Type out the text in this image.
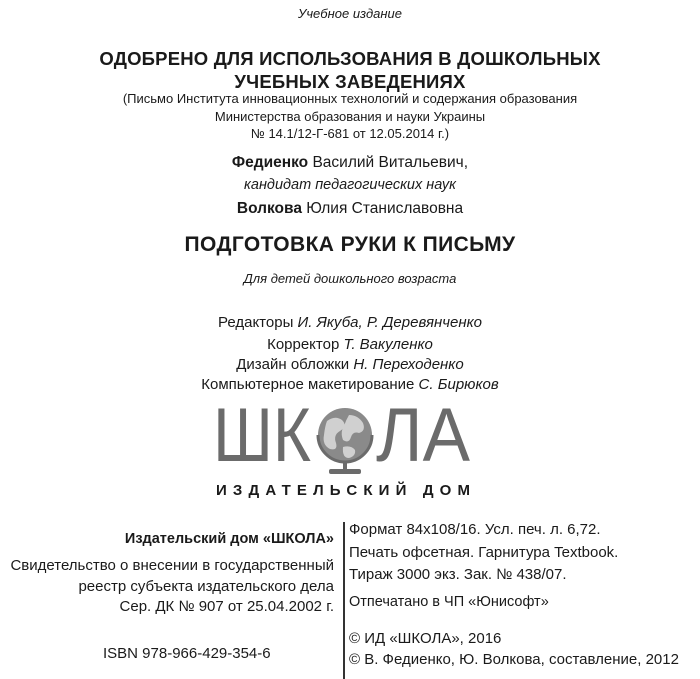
Учебное издание
ОДОБРЕНО ДЛЯ ИСПОЛЬЗОВАНИЯ В ДОШКОЛЬНЫХ
УЧЕБНЫХ ЗАВЕДЕНИЯХ
(Письмо Института инновационных технологий и содержания образования
Министерства образования и науки Украины
№ 14.1/12-Г-681 от 12.05.2014 г.)
Федиенко Василий Витальевич,
кандидат педагогических наук
Волкова Юлия Станиславовна
ПОДГОТОВКА РУКИ К ПИСЬМУ
Для детей дошкольного возраста
Редакторы И. Якуба, Р. Деревянченко
Корректор Т. Вакуленко
Дизайн обложки Н. Переходенко
Компьютерное макетирование С. Бирюков
ШК ЛА
ИЗДАТЕЛЬСКИЙ ДОМ
Издательский дом «ШКОЛА»
Свидетельство о внесении в государственный
реестр субъекта издательского дела
Сер. ДК № 907 от 25.04.2002 г.
ISBN 978-966-429-354-6
Формат 84x108/16. Усл. печ. л. 6,72.
Печать офсетная. Гарнитура Textbook.
Тираж 3000 экз. Зак. № 438/07.
Отпечатано в ЧП «Юнисофт»
© ИД «ШКОЛА», 2016
© В. Федиенко, Ю. Волкова, составление, 2012
